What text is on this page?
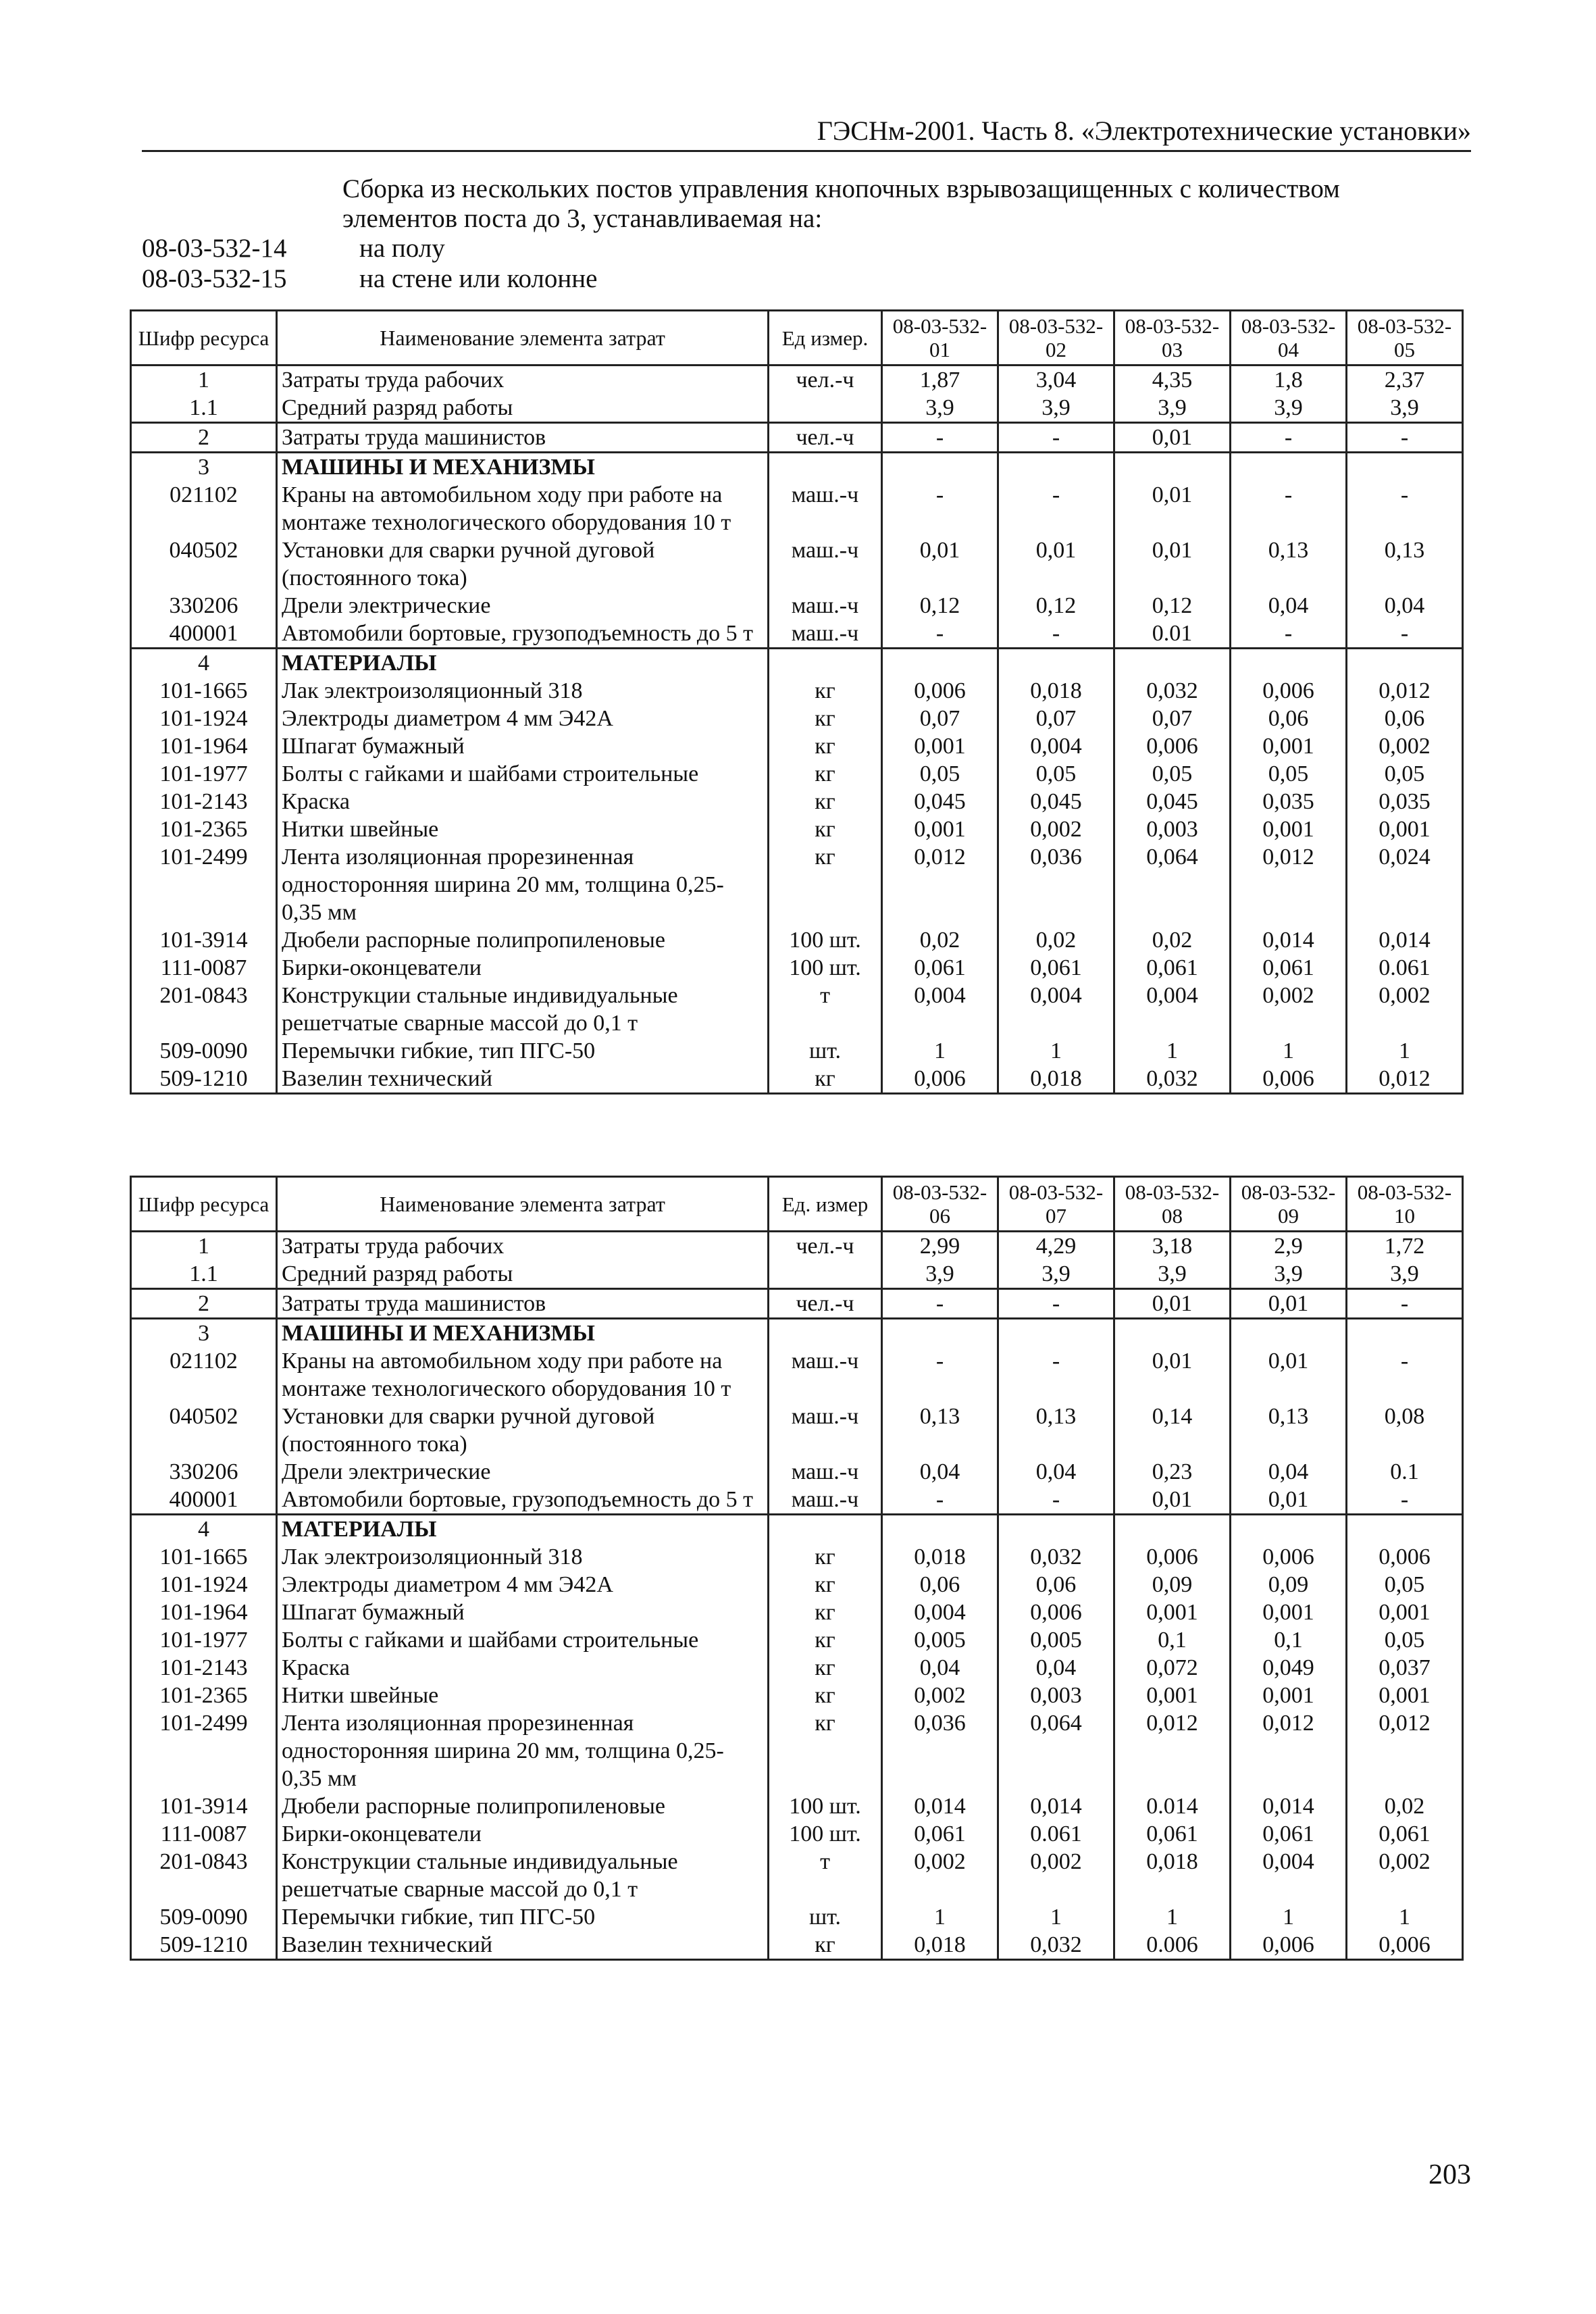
ГЭСНм-2001. Часть 8. «Электротехнические установки»
Сборка из нескольких постов управления кнопочных взрывозащищенных с количеством
элементов поста до 3, устанавливаемая на:
08-03-532-14	на полу
08-03-532-15	на стене или колонне
Шифр ресурса	Наименование элемента затрат	Ед измер.	08-03-532-01	08-03-532-02	08-03-532-03	08-03-532-04	08-03-532-05
1	Затраты труда рабочих	чел.-ч	1,87	3,04	4,35	1,8	2,37
1.1	Средний разряд работы		3,9	3,9	3,9	3,9	3,9
2	Затраты труда машинистов	чел.-ч	-	-	0,01	-	-
3	МАШИНЫ И МЕХАНИЗМЫ						
021102	Краны на автомобильном ходу при работе на монтаже технологического оборудования 10 т	маш.-ч	-	-	0,01	-	-
040502	Установки для сварки ручной дуговой (постоянного тока)	маш.-ч	0,01	0,01	0,01	0,13	0,13
330206	Дрели электрические	маш.-ч	0,12	0,12	0,12	0,04	0,04
400001	Автомобили бортовые, грузоподъемность до 5 т	маш.-ч	-	-	0.01	-	-
4	МАТЕРИАЛЫ						
101-1665	Лак электроизоляционный 318	кг	0,006	0,018	0,032	0,006	0,012
101-1924	Электроды диаметром 4 мм Э42А	кг	0,07	0,07	0,07	0,06	0,06
101-1964	Шпагат бумажный	кг	0,001	0,004	0,006	0,001	0,002
101-1977	Болты с гайками и шайбами строительные	кг	0,05	0,05	0,05	0,05	0,05
101-2143	Краска	кг	0,045	0,045	0,045	0,035	0,035
101-2365	Нитки швейные	кг	0,001	0,002	0,003	0,001	0,001
101-2499	Лента изоляционная прорезиненная односторонняя ширина 20 мм, толщина 0,25-0,35 мм	кг	0,012	0,036	0,064	0,012	0,024
101-3914	Дюбели распорные полипропиленовые	100 шт.	0,02	0,02	0,02	0,014	0,014
111-0087	Бирки-оконцеватели	100 шт.	0,061	0,061	0,061	0,061	0.061
201-0843	Конструкции стальные индивидуальные решетчатые сварные массой до 0,1 т	т	0,004	0,004	0,004	0,002	0,002
509-0090	Перемычки гибкие, тип ПГС-50	шт.	1	1	1	1	1
509-1210	Вазелин технический	кг	0,006	0,018	0,032	0,006	0,012
Шифр ресурса	Наименование элемента затрат	Ед. измер	08-03-532-06	08-03-532-07	08-03-532-08	08-03-532-09	08-03-532-10
1	Затраты труда рабочих	чел.-ч	2,99	4,29	3,18	2,9	1,72
1.1	Средний разряд работы		3,9	3,9	3,9	3,9	3,9
2	Затраты труда машинистов	чел.-ч	-	-	0,01	0,01	-
3	МАШИНЫ И МЕХАНИЗМЫ						
021102	Краны на автомобильном ходу при работе на монтаже технологического оборудования 10 т	маш.-ч	-	-	0,01	0,01	-
040502	Установки для сварки ручной дуговой (постоянного тока)	маш.-ч	0,13	0,13	0,14	0,13	0,08
330206	Дрели электрические	маш.-ч	0,04	0,04	0,23	0,04	0.1
400001	Автомобили бортовые, грузоподъемность до 5 т	маш.-ч	-	-	0,01	0,01	-
4	МАТЕРИАЛЫ						
101-1665	Лак электроизоляционный 318	кг	0,018	0,032	0,006	0,006	0,006
101-1924	Электроды диаметром 4 мм Э42А	кг	0,06	0,06	0,09	0,09	0,05
101-1964	Шпагат бумажный	кг	0,004	0,006	0,001	0,001	0,001
101-1977	Болты с гайками и шайбами строительные	кг	0,005	0,005	0,1	0,1	0,05
101-2143	Краска	кг	0,04	0,04	0,072	0,049	0,037
101-2365	Нитки швейные	кг	0,002	0,003	0,001	0,001	0,001
101-2499	Лента изоляционная прорезиненная односторонняя ширина 20 мм, толщина 0,25-0,35 мм	кг	0,036	0,064	0,012	0,012	0,012
101-3914	Дюбели распорные полипропиленовые	100 шт.	0,014	0,014	0.014	0,014	0,02
111-0087	Бирки-оконцеватели	100 шт.	0,061	0.061	0,061	0,061	0,061
201-0843	Конструкции стальные индивидуальные решетчатые сварные массой до 0,1 т	т	0,002	0,002	0,018	0,004	0,002
509-0090	Перемычки гибкие, тип ПГС-50	шт.	1	1	1	1	1
509-1210	Вазелин технический	кг	0,018	0,032	0.006	0,006	0,006
203
